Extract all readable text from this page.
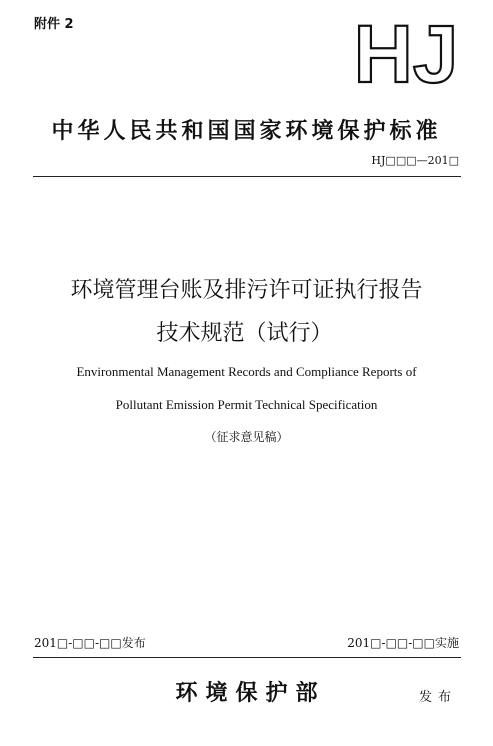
附件 2	HJ
中华人民共和国国家环境保护标准
HJ□□□—201□
环境管理台账及排污许可证执行报告
技术规范（试行）
Environmental Management Records and Compliance Reports of
Pollutant Emission Permit Technical Specification
（征求意见稿）
201□-□□-□□发布	201□-□□-□□实施
环境保护部	发布
